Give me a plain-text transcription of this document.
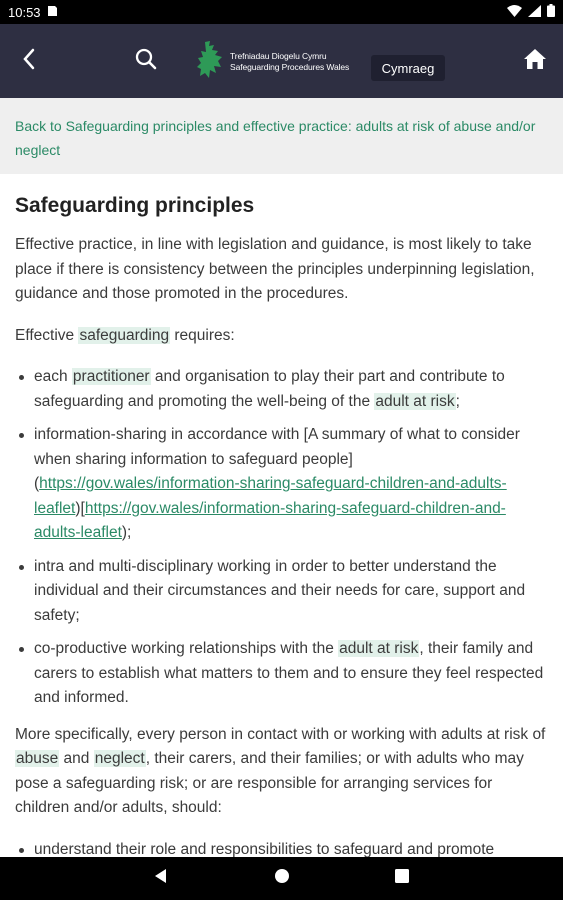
10:53
Trefniadau Diogelu Cymru
Safeguarding Procedures Wales	Cymraeg
Back to Safeguarding principles and effective practice: adults at risk of abuse and/or neglect
Safeguarding principles

Effective practice, in line with legislation and guidance, is most likely to take place if there is consistency between the principles underpinning legislation, guidance and those promoted in the procedures.

Effective safeguarding requires:

each practitioner and organisation to play their part and contribute to safeguarding and promoting the well-being of the adult at risk;
information-sharing in accordance with [A summary of what to consider when sharing information to safeguard people] (https://gov.wales/information-sharing-safeguard-children-and-adults-leaflet)[https://gov.wales/information-sharing-safeguard-children-and-adults-leaflet);
intra and multi-disciplinary working in order to better understand the individual and their circumstances and their needs for care, support and safety;
co-productive working relationships with the adult at risk, their family and carers to establish what matters to them and to ensure they feel respected and informed.

More specifically, every person in contact with or working with adults at risk of abuse and neglect, their carers, and their families; or with adults who may pose a safeguarding risk; or are responsible for arranging services for children and/or adults, should:

understand their role and responsibilities to safeguard and promote
